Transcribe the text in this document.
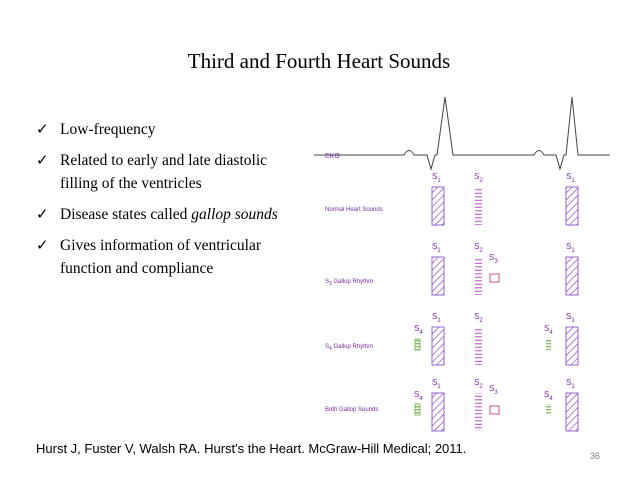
Third and Fourth Heart Sounds
✓ Low-frequency
✓ Related to early and late diastolic filling of the ventricles
✓ Disease states called gallop sounds
✓ Gives information of ventricular function and compliance
EKG
Normal Heart Sounds
$S_1$	$S_2$	$S_1$
$S_3$ Gallop Rhythm
$S_1$	$S_2$
$S_3$
$S_1$
$S_4$ Gallop Rhythm
$S_4$
$S_1$	$S_2$
$S_4$
$S_1$
Both Gallop Sounds
$S_4$
$S_1$	$S_2$ $S_3$	$S_4$
$S_1$
Hurst J, Fuster V, Walsh RA. Hurst's the Heart. McGraw-Hill Medical; 2011.	36
